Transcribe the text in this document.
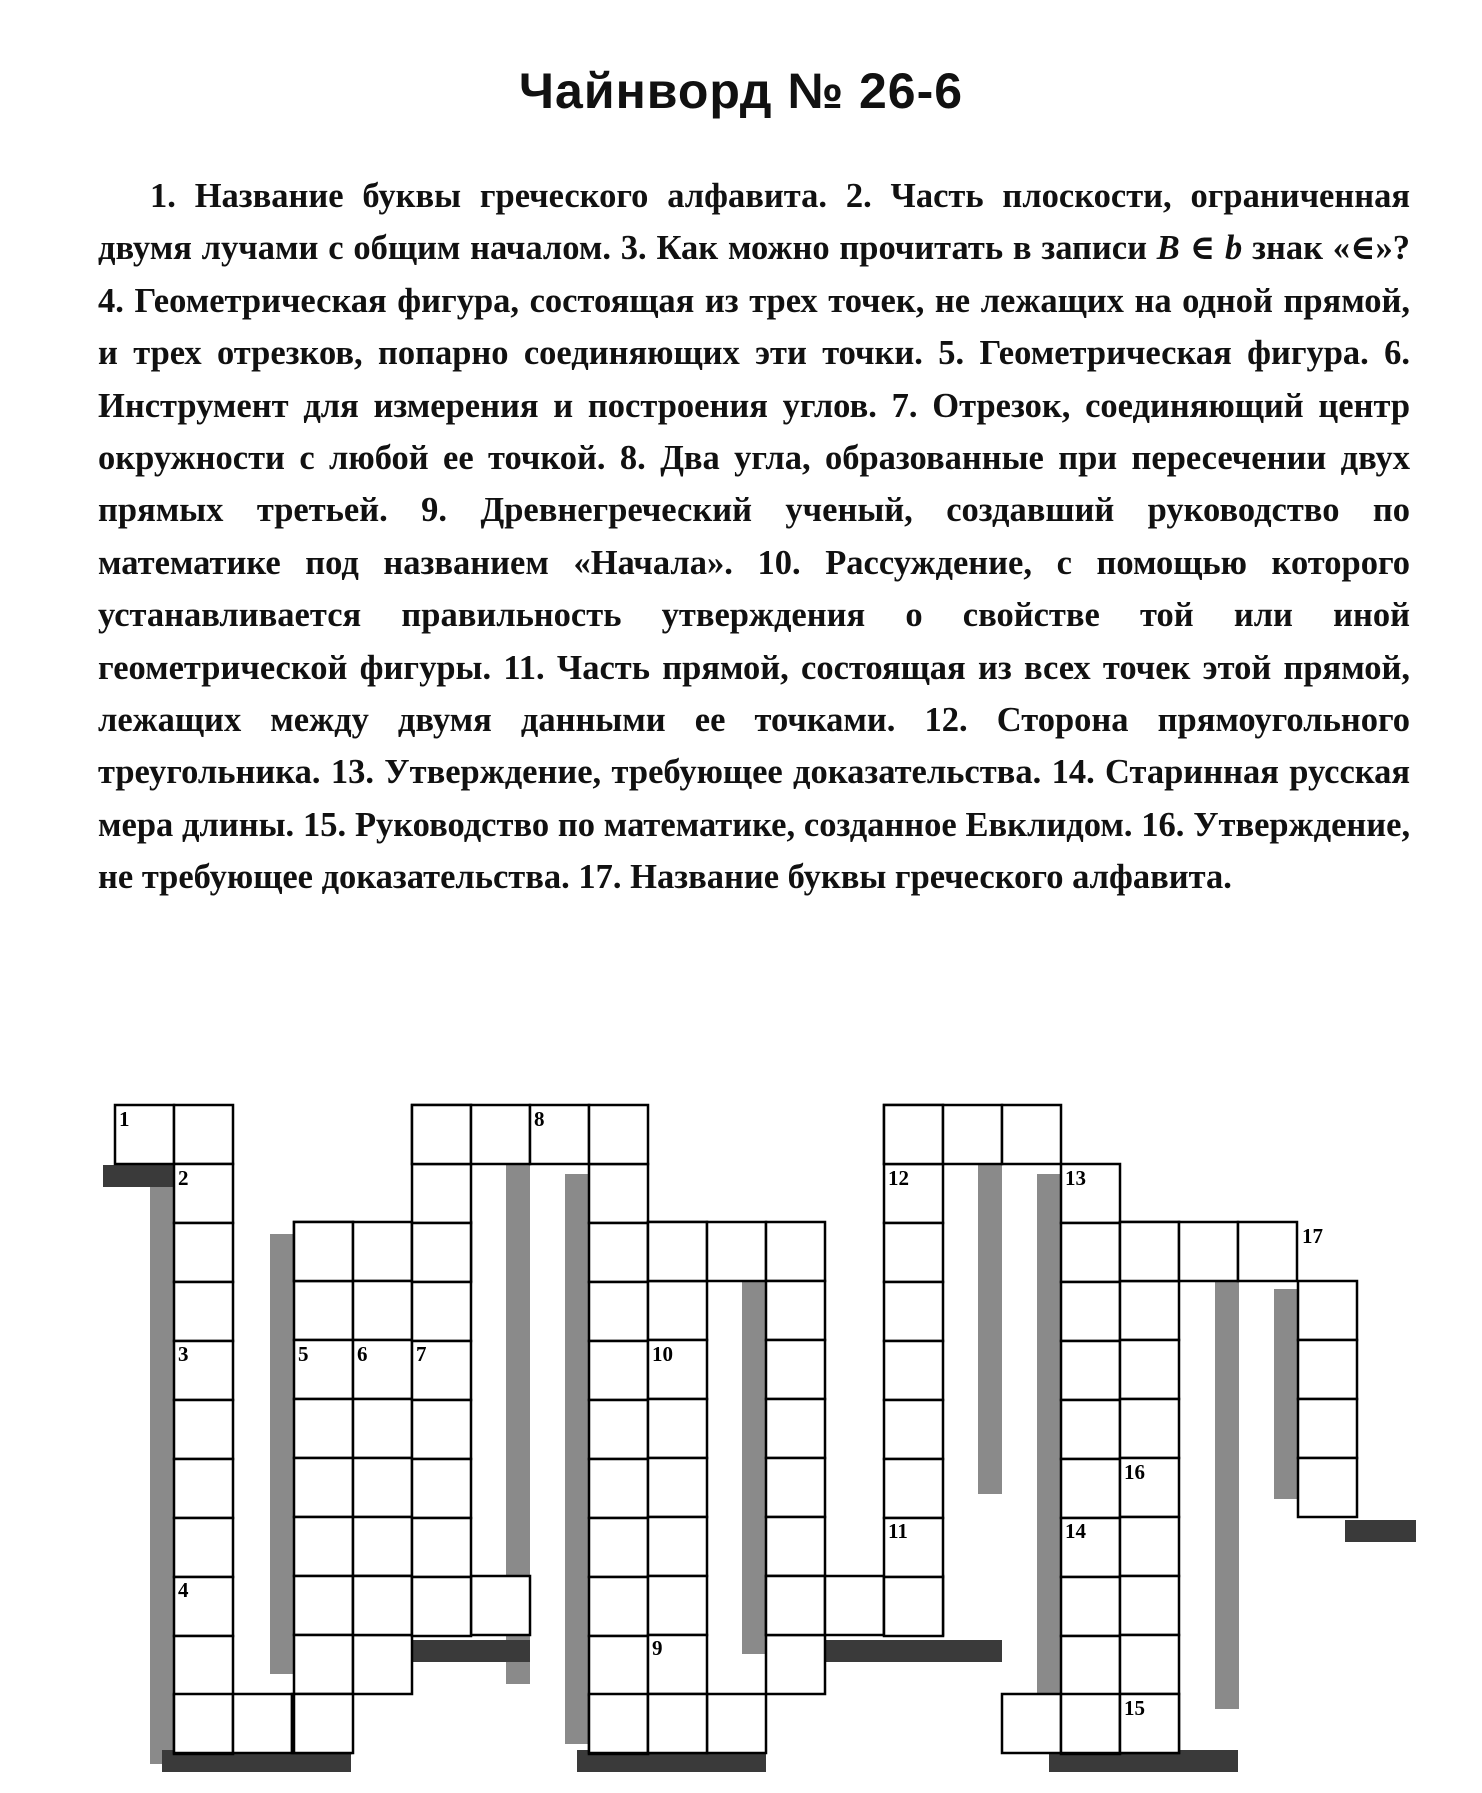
Чайнворд № 26-6

1. Название буквы греческого алфавита. 2. Часть плоскости, ограниченная двумя лучами с общим началом. 3. Как можно прочитать в записи B ∈ b знак «∈»? 4. Геометрическая фигура, состоящая из трех точек, не лежащих на одной прямой, и трех отрезков, попарно соединяющих эти точки. 5. Геометрическая фигура. 6. Инструмент для измерения и построения углов. 7. Отрезок, соединяющий центр окружности с любой ее точкой. 8. Два угла, образованные при пересечении двух прямых третьей. 9. Древнегреческий ученый, создавший руководство по математике под названием «Начала». 10. Рассуждение, с помощью которого устанавливается правильность утверждения о свойстве той или иной геометрической фигуры. 11. Часть прямой, состоящая из всех точек этой прямой, лежащих между двумя данными ее точками. 12. Сторона прямоугольного треугольника. 13. Утверждение, требующее доказательства. 14. Старинная русская мера длины. 15. Руководство по математике, созданное Евклидом. 16. Утверждение, не требующее доказательства. 17. Название буквы греческого алфавита.

1
2
3
4
5 6 7
8
9
10
11
12	13
14
15
16
17
